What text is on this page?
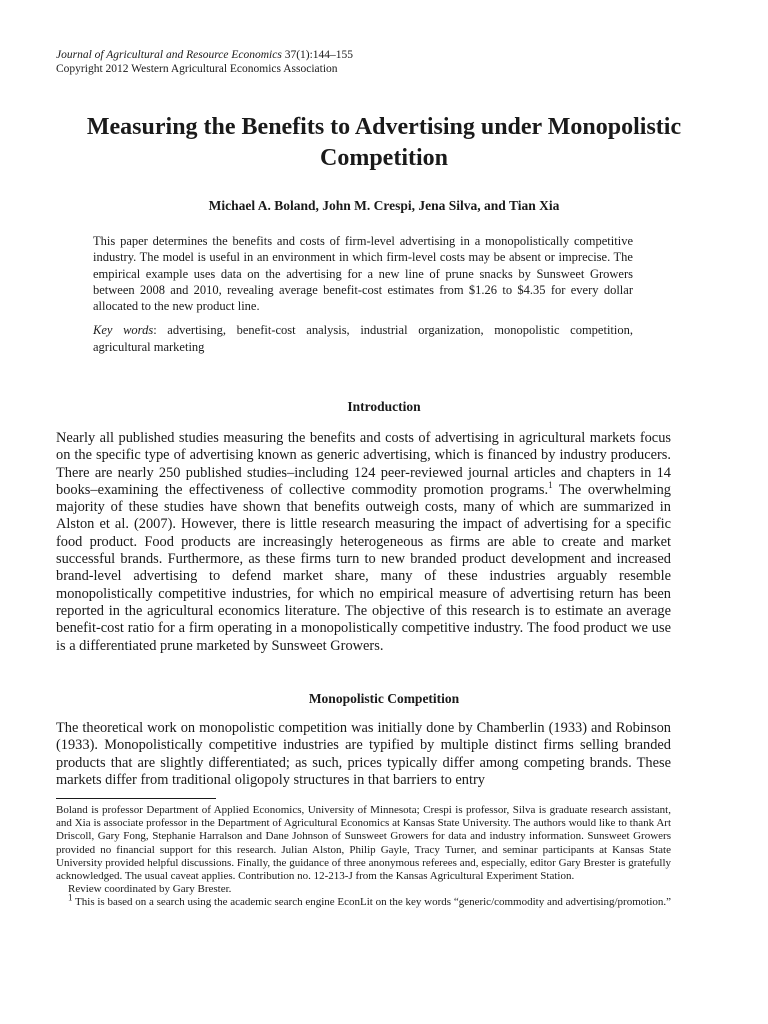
Journal of Agricultural and Resource Economics 37(1):144–155
Copyright 2012 Western Agricultural Economics Association
Measuring the Benefits to Advertising under Monopolistic Competition
Michael A. Boland, John M. Crespi, Jena Silva, and Tian Xia

This paper determines the benefits and costs of firm-level advertising in a monopolistically competitive industry. The model is useful in an environment in which firm-level costs may be absent or imprecise. The empirical example uses data on the advertising for a new line of prune snacks by Sunsweet Growers between 2008 and 2010, revealing average benefit-cost estimates from $1.26 to $4.35 for every dollar allocated to the new product line.

Key words: advertising, benefit-cost analysis, industrial organization, monopolistic competition, agricultural marketing

Introduction

Nearly all published studies measuring the benefits and costs of advertising in agricultural markets focus on the specific type of advertising known as generic advertising, which is financed by industry producers. There are nearly 250 published studies–including 124 peer-reviewed journal articles and chapters in 14 books–examining the effectiveness of collective commodity promotion programs.$^1$ The overwhelming majority of these studies have shown that benefits outweigh costs, many of which are summarized in Alston et al. (2007). However, there is little research measuring the impact of advertising for a specific food product. Food products are increasingly heterogeneous as firms are able to create and market successful brands. Furthermore, as these firms turn to new branded product development and increased brand-level advertising to defend market share, many of these industries arguably resemble monopolistically competitive industries, for which no empirical measure of advertising return has been reported in the agricultural economics literature. The objective of this research is to estimate an average benefit-cost ratio for a firm operating in a monopolistically competitive industry. The food product we use is a differentiated prune marketed by Sunsweet Growers.

Monopolistic Competition

The theoretical work on monopolistic competition was initially done by Chamberlin (1933) and Robinson (1933). Monopolistically competitive industries are typified by multiple distinct firms selling branded products that are slightly differentiated; as such, prices typically differ among competing brands. These markets differ from traditional oligopoly structures in that barriers to entry

Boland is professor Department of Applied Economics, University of Minnesota; Crespi is professor, Silva is graduate research assistant, and Xia is associate professor in the Department of Agricultural Economics at Kansas State University. The authors would like to thank Art Driscoll, Gary Fong, Stephanie Harralson and Dane Johnson of Sunsweet Growers for data and industry information. Sunsweet Growers provided no financial support for this research. Julian Alston, Philip Gayle, Tracy Turner, and seminar participants at Kansas State University provided helpful discussions. Finally, the guidance of three anonymous referees and, especially, editor Gary Brester is gratefully acknowledged. The usual caveat applies. Contribution no. 12-213-J from the Kansas Agricultural Experiment Station.

Review coordinated by Gary Brester.

$^1$ This is based on a search using the academic search engine EconLit on the key words “generic/commodity and advertising/promotion.”
